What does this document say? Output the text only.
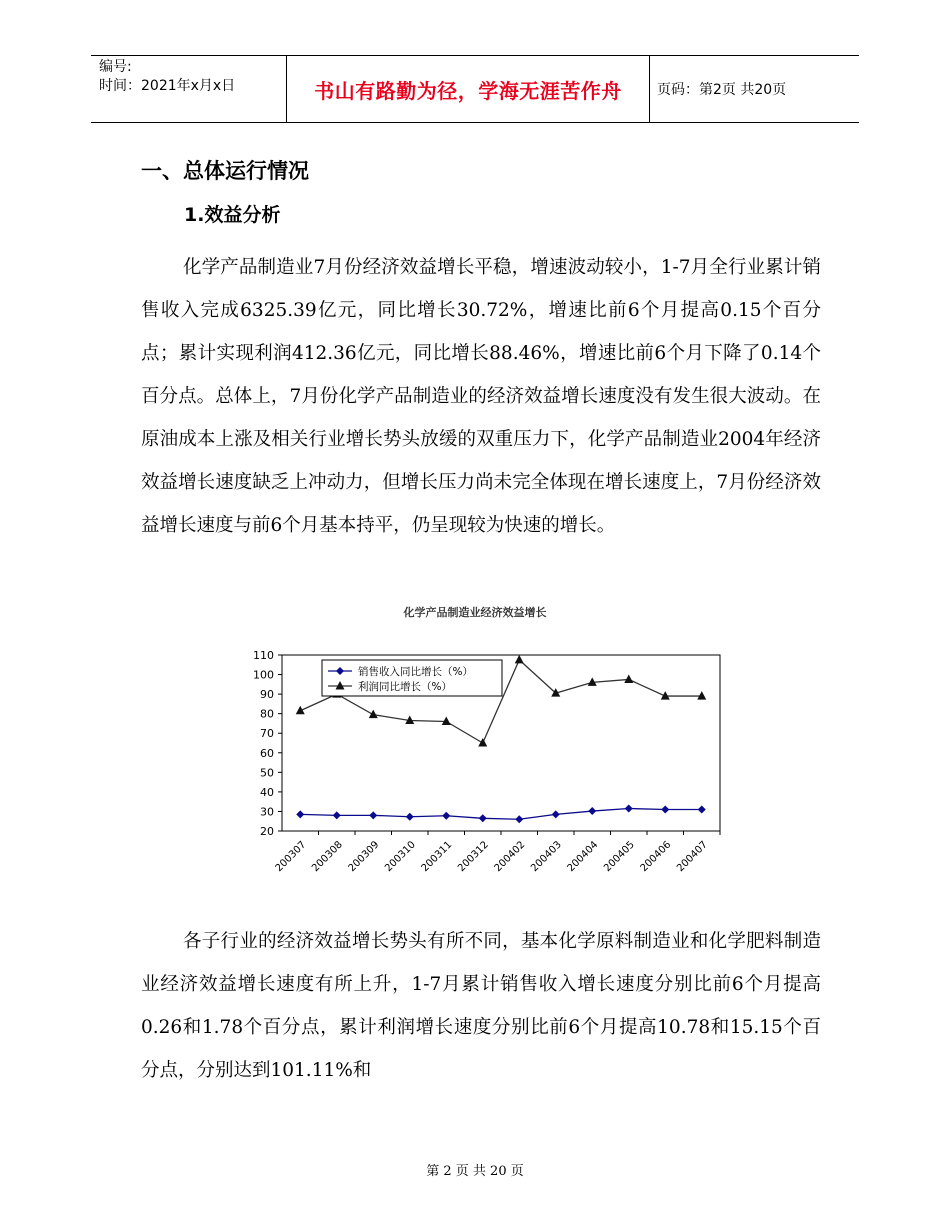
编号:
时间：2021年x月x日	书山有路勤为径，学海无涯苦作舟	页码：第2页 共20页
一、总体运行情况
1.效益分析

化学产品制造业7月份经济效益增长平稳，增速波动较小，1-7月全行业累计销售收入完成6325.39亿元，同比增长30.72%，增速比前6个月提高0.15个百分点；累计实现利润412.36亿元，同比增长88.46%，增速比前6个月下降了0.14个百分点。总体上，7月份化学产品制造业的经济效益增长速度没有发生很大波动。在原油成本上涨及相关行业增长势头放缓的双重压力下，化学产品制造业2004年经济效益增长速度缺乏上冲动力，但增长压力尚未完全体现在增长速度上，7月份经济效益增长速度与前6个月基本持平，仍呈现较为快速的增长。

化学产品制造业经济效益增长
20
30
40
50
60
70
80
90
100
110
200307 200308 200309 200310 200311 200312 200402 200403 200404 200405 200406 200407
销售收入同比增长（%）
利润同比增长（%）

各子行业的经济效益增长势头有所不同，基本化学原料制造业和化学肥料制造业经济效益增长速度有所上升，1-7月累计销售收入增长速度分别比前6个月提高0.26和1.78个百分点，累计利润增长速度分别比前6个月提高10.78和15.15个百分点，分别达到101.11%和

第 2 页 共 20 页
